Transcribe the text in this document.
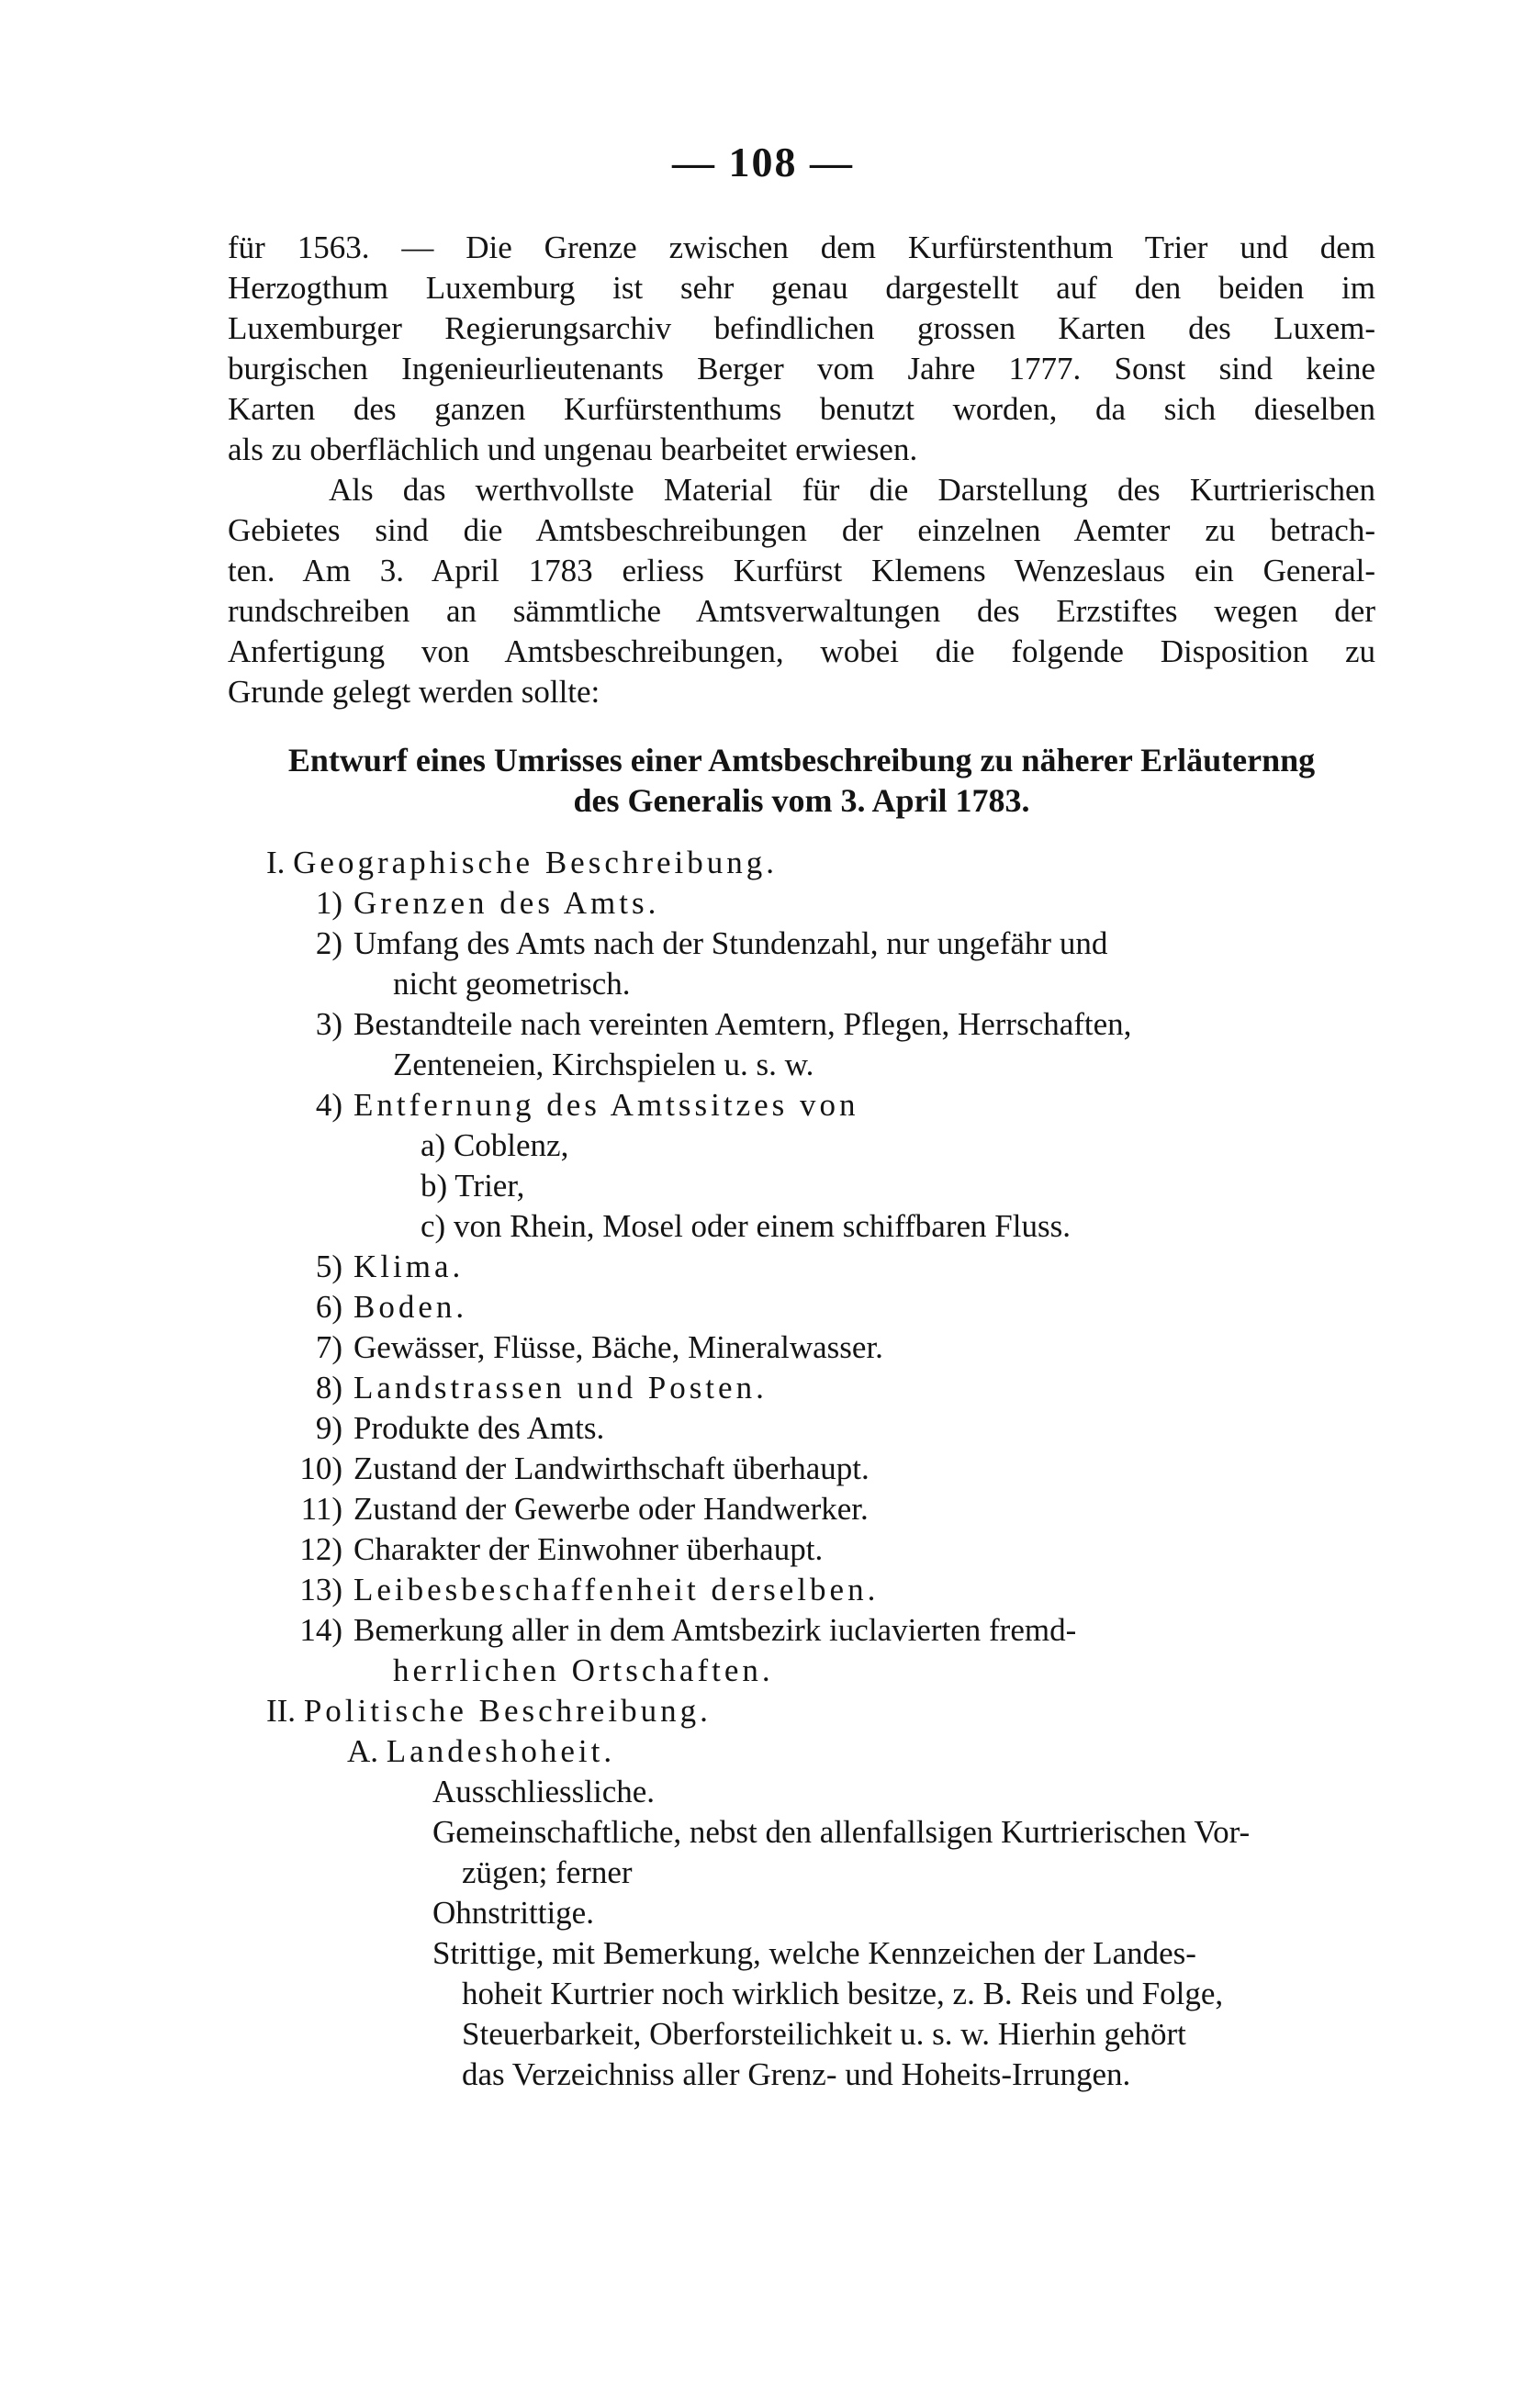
— 108 —
für 1563. — Die Grenze zwischen dem Kurfürstenthum Trier und dem
Herzogthum Luxemburg ist sehr genau dargestellt auf den beiden im
Luxemburger Regierungsarchiv befindlichen grossen Karten des Luxem-
burgischen Ingenieurlieutenants Berger vom Jahre 1777. Sonst sind keine
Karten des ganzen Kurfürstenthums benutzt worden, da sich dieselben
als zu oberflächlich und ungenau bearbeitet erwiesen.
Als das werthvollste Material für die Darstellung des Kurtrierischen
Gebietes sind die Amtsbeschreibungen der einzelnen Aemter zu betrach-
ten. Am 3. April 1783 erliess Kurfürst Klemens Wenzeslaus ein General-
rundschreiben an sämmtliche Amtsverwaltungen des Erzstiftes wegen der
Anfertigung von Amtsbeschreibungen, wobei die folgende Disposition zu
Grunde gelegt werden sollte:
Entwurf eines Umrisses einer Amtsbeschreibung zu näherer Erläuternng
des Generalis vom 3. April 1783.
I. Geographische Beschreibung.
1) Grenzen des Amts.
2) Umfang des Amts nach der Stundenzahl, nur ungefähr und
nicht geometrisch.
3) Bestandteile nach vereinten Aemtern, Pflegen, Herrschaften,
Zenteneien, Kirchspielen u. s. w.
4) Entfernung des Amtssitzes von
a) Coblenz,
b) Trier,
c) von Rhein, Mosel oder einem schiffbaren Fluss.
5) Klima.
6) Boden.
7) Gewässer, Flüsse, Bäche, Mineralwasser.
8) Landstrassen und Posten.
9) Produkte des Amts.
10) Zustand der Landwirthschaft überhaupt.
11) Zustand der Gewerbe oder Handwerker.
12) Charakter der Einwohner überhaupt.
13) Leibesbeschaffenheit derselben.
14) Bemerkung aller in dem Amtsbezirk iuclavierten fremd-
herrlichen Ortschaften.
II. Politische Beschreibung.
A. Landeshoheit.
Ausschliessliche.
Gemeinschaftliche, nebst den allenfallsigen Kurtrierischen Vor-
zügen; ferner
Ohnstrittige.
Strittige, mit Bemerkung, welche Kennzeichen der Landes-
hoheit Kurtrier noch wirklich besitze, z. B. Reis und Folge,
Steuerbarkeit, Oberforsteilichkeit u. s. w. Hierhin gehört
das Verzeichniss aller Grenz- und Hoheits-Irrungen.
